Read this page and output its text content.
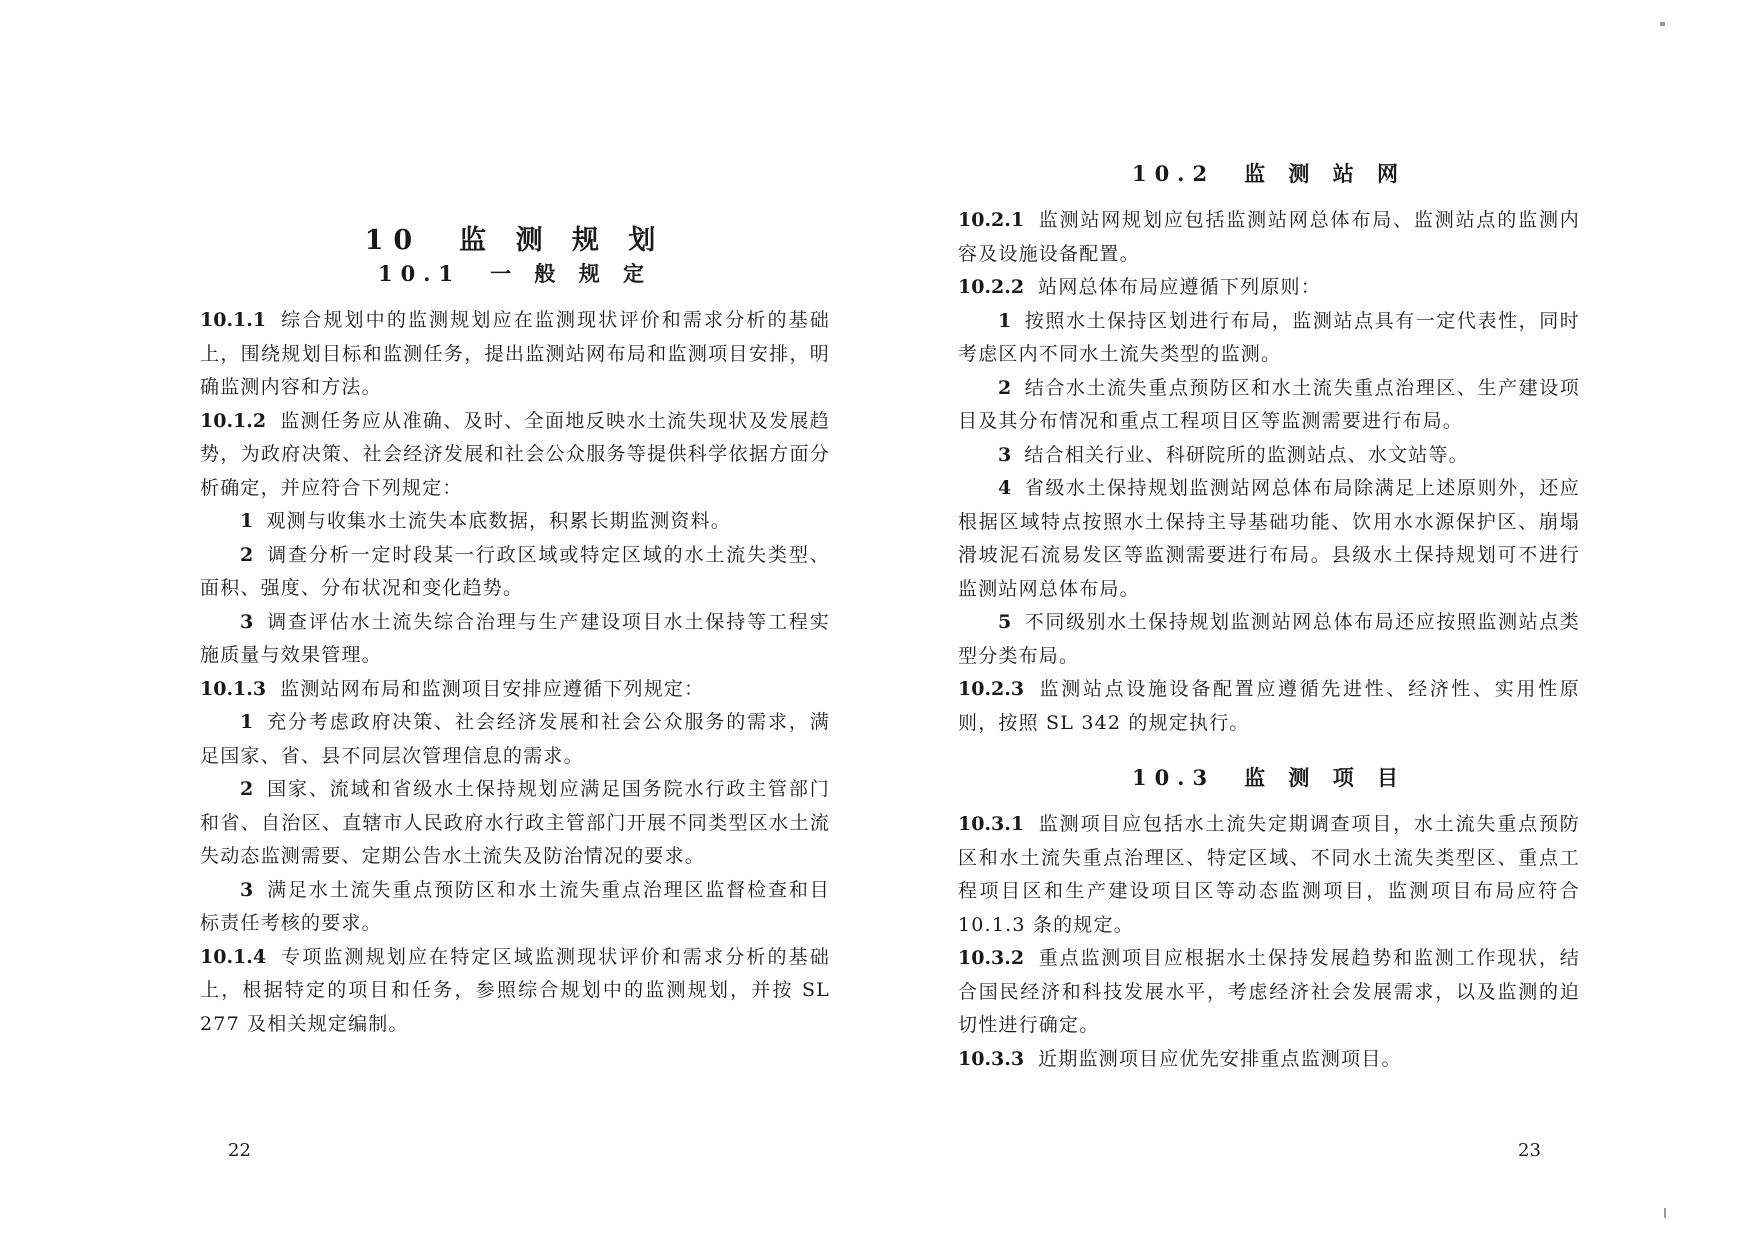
10　监 测 规 划
10.1　一 般 规 定

10.1.1 综合规划中的监测规划应在监测现状评价和需求分析的基础上，围绕规划目标和监测任务，提出监测站网布局和监测项目安排，明确监测内容和方法。

10.1.2 监测任务应从准确、及时、全面地反映水土流失现状及发展趋势，为政府决策、社会经济发展和社会公众服务等提供科学依据方面分析确定，并应符合下列规定：

1 观测与收集水土流失本底数据，积累长期监测资料。

2 调查分析一定时段某一行政区域或特定区域的水土流失类型、面积、强度、分布状况和变化趋势。

3 调查评估水土流失综合治理与生产建设项目水土保持等工程实施质量与效果管理。

10.1.3 监测站网布局和监测项目安排应遵循下列规定：

1 充分考虑政府决策、社会经济发展和社会公众服务的需求，满足国家、省、县不同层次管理信息的需求。

2 国家、流域和省级水土保持规划应满足国务院水行政主管部门和省、自治区、直辖市人民政府水行政主管部门开展不同类型区水土流失动态监测需要、定期公告水土流失及防治情况的要求。

3 满足水土流失重点预防区和水土流失重点治理区监督检查和目标责任考核的要求。

10.1.4 专项监测规划应在特定区域监测现状评价和需求分析的基础上，根据特定的项目和任务，参照综合规划中的监测规划，并按 SL 277 及相关规定编制。

22
10.2　监 测 站 网

10.2.1 监测站网规划应包括监测站网总体布局、监测站点的监测内容及设施设备配置。

10.2.2 站网总体布局应遵循下列原则：

1 按照水土保持区划进行布局，监测站点具有一定代表性，同时考虑区内不同水土流失类型的监测。

2 结合水土流失重点预防区和水土流失重点治理区、生产建设项目及其分布情况和重点工程项目区等监测需要进行布局。

3 结合相关行业、科研院所的监测站点、水文站等。

4 省级水土保持规划监测站网总体布局除满足上述原则外，还应根据区域特点按照水土保持主导基础功能、饮用水水源保护区、崩塌滑坡泥石流易发区等监测需要进行布局。县级水土保持规划可不进行监测站网总体布局。

5 不同级别水土保持规划监测站网总体布局还应按照监测站点类型分类布局。

10.2.3 监测站点设施设备配置应遵循先进性、经济性、实用性原则，按照 SL 342 的规定执行。

10.3　监 测 项 目

10.3.1 监测项目应包括水土流失定期调查项目，水土流失重点预防区和水土流失重点治理区、特定区域、不同水土流失类型区、重点工程项目区和生产建设项目区等动态监测项目，监测项目布局应符合 10.1.3 条的规定。

10.3.2 重点监测项目应根据水土保持发展趋势和监测工作现状，结合国民经济和科技发展水平，考虑经济社会发展需求，以及监测的迫切性进行确定。

10.3.3 近期监测项目应优先安排重点监测项目。

23
